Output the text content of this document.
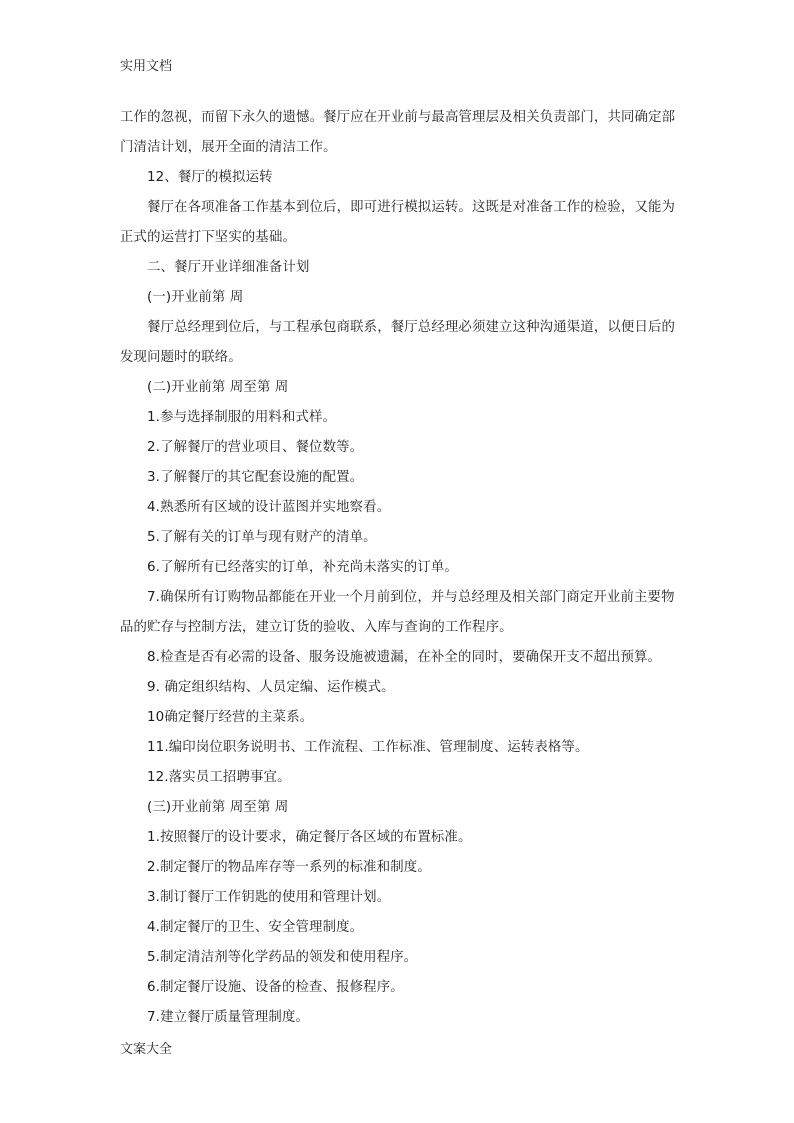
实用文档

工作的忽视，而留下永久的遗憾。餐厅应在开业前与最高管理层及相关负责部门，共同确定部门清洁计划，展开全面的清洁工作。

12、餐厅的模拟运转

餐厅在各项准备工作基本到位后，即可进行模拟运转。这既是对准备工作的检验，又能为正式的运营打下坚实的基础。

二、餐厅开业详细准备计划

(一)开业前第 周

餐厅总经理到位后，与工程承包商联系，餐厅总经理必须建立这种沟通渠道，以便日后的发现问题时的联络。

(二)开业前第 周至第 周

1.参与选择制服的用料和式样。

2.了解餐厅的营业项目、餐位数等。

3.了解餐厅的其它配套设施的配置。

4.熟悉所有区域的设计蓝图并实地察看。

5.了解有关的订单与现有财产的清单。

6.了解所有已经落实的订单，补充尚未落实的订单。

7.确保所有订购物品都能在开业一个月前到位，并与总经理及相关部门商定开业前主要物品的贮存与控制方法，建立订货的验收、入库与查询的工作程序。

8.检查是否有必需的设备、服务设施被遗漏，在补全的同时，要确保开支不超出预算。

9. 确定组织结构、人员定编、运作模式。

10确定餐厅经营的主菜系。

11.编印岗位职务说明书、工作流程、工作标准、管理制度、运转表格等。

12.落实员工招聘事宜。

(三)开业前第 周至第 周

1.按照餐厅的设计要求，确定餐厅各区域的布置标准。

2.制定餐厅的物品库存等一系列的标准和制度。

3.制订餐厅工作钥匙的使用和管理计划。

4.制定餐厅的卫生、安全管理制度。

5.制定清洁剂等化学药品的领发和使用程序。

6.制定餐厅设施、设备的检查、报修程序。

7.建立餐厅质量管理制度。

文案大全
